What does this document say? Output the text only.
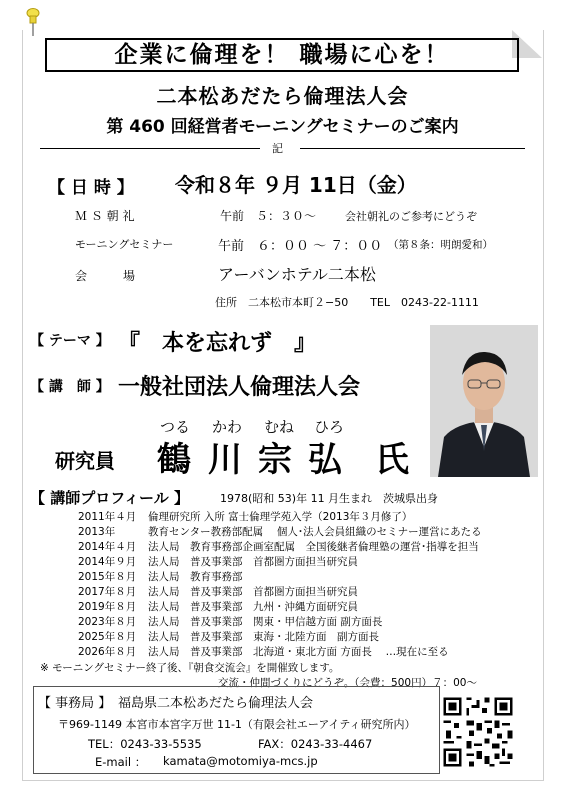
企業に倫理を！ 職場に心を！
二本松あだたら倫理法人会
第 460 回経営者モーニングセミナーのご案内
記
【 日 時 】 令和８年 ９月 11日（金）
Ｍ Ｓ 朝 礼	午前　５：３０～	会社朝礼のご参考にどうぞ
モーニングセミナー	午前　６：００ ～ ７：００ （第８条：明朗愛和）
会　　　場	アーバンホテル二本松
住所　二本松市本町２−50　　TEL　0243-22-1111
【 テーマ 】 『　本を忘れず　』
【 講　師 】 一般社団法人倫理法人会
つる かわ むね ひろ
研究員 鶴 川 宗 弘 氏
【 講師プロフィール 】	1978(昭和 53)年 11 月生まれ　茨城県出身
2011年４月 倫理研究所 入所 富士倫理学苑入学（2013年３月修了）
2013年	教育センター教務部配属　 個人･法人会員組織のセミナー運営にあたる
2014年４月 法人局　教育事務部企画室配属　全国後継者倫理塾の運営･指導を担当
2014年９月 法人局　普及事業部　首都圏方面担当研究員
2015年８月 法人局　教育事務部
2017年８月 法人局　普及事業部　首都圏方面担当研究員
2019年８月 法人局　普及事業部　九州・沖縄方面研究員
2023年８月 法人局　普及事業部　関東・甲信越方面 副方面長
2025年８月 法人局　普及事業部　東海・北陸方面　副方面長
2026年８月 法人局　普及事業部　北海道・東北方面 方面長　 …現在に至る
※ モーニングセミナー終了後、『朝食交流会』を開催致します。
交流・仲間づくりにどうぞ。（会費：500円）７：00～
【 事務局 】 福島県二本松あだたら倫理法人会
〒969-1149 本宮市本宮字万世 11-1（有限会社エーアイティ研究所内）
TEL：0243-33-5535	FAX：0243-33-4467
E-mail ： kamata@motomiya-mcs.jp
